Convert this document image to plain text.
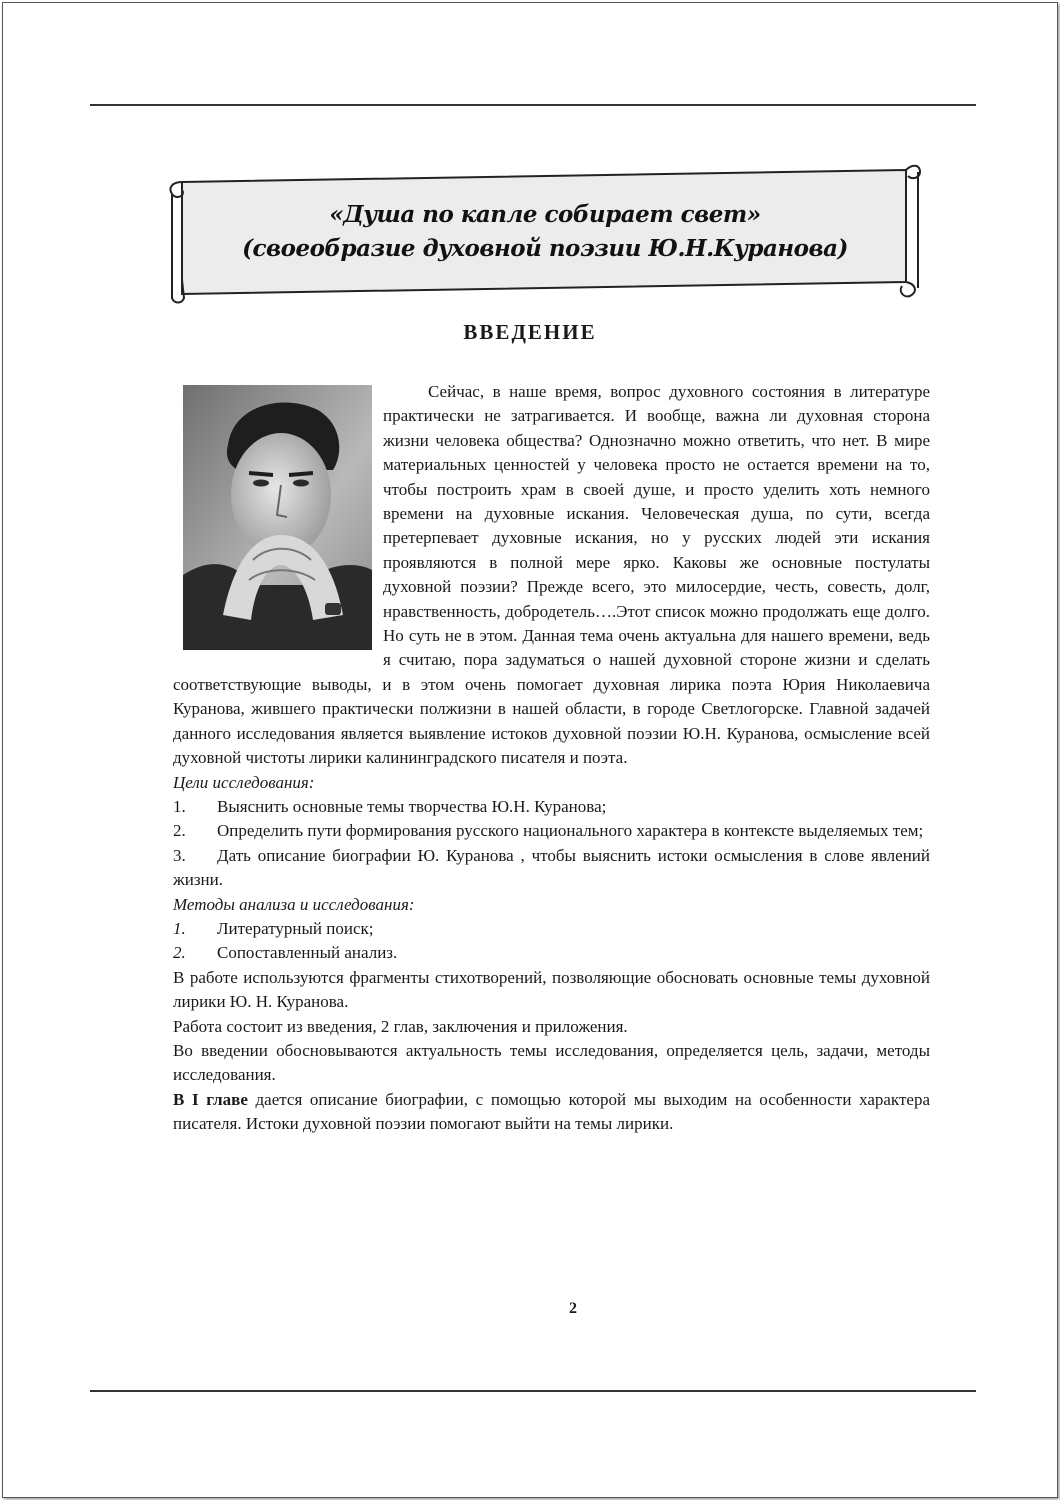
«Душа по капле собирает свет»
(своеобразие духовной поэзии Ю.Н.Куранова)
ВВЕДЕНИЕ

Сейчас, в наше время, вопрос духовного состояния в литературе практически не затрагивается. И вообще, важна ли духовная сторона жизни человека общества? Однозначно можно ответить, что нет. В мире материальных ценностей у человека просто не остается времени на то, чтобы построить храм в своей душе, и просто уделить хоть немного времени на духовные искания. Человеческая душа, по сути, всегда претерпевает духовные искания, но у русских людей эти искания проявляются в полной мере ярко. Каковы же основные постулаты духовной поэзии? Прежде всего, это милосердие, честь, совесть, долг, нравственность, добродетель….Этот список можно продолжать еще долго. Но суть не в этом. Данная тема очень актуальна для нашего времени, ведь я считаю, пора задуматься о нашей духовной стороне жизни и сделать соответствующие выводы, и в этом очень помогает духовная лирика поэта Юрия Николаевича Куранова, жившего практически полжизни в нашей области, в городе Светлогорске. Главной задачей данного исследования является выявление истоков духовной поэзии Ю.Н. Куранова, осмысление всей духовной чистоты лирики калининградского писателя и поэта.

Цели исследования:

1. Выяснить основные темы творчества Ю.Н. Куранова;

2. Определить пути формирования русского национального характера в контексте выделяемых тем;

3. Дать описание биографии Ю. Куранова , чтобы выяснить истоки осмысления в слове явлений жизни.

Методы анализа и исследования:

1. Литературный поиск;

2. Сопоставленный анализ.

В работе используются фрагменты стихотворений, позволяющие обосновать основные темы духовной лирики Ю. Н. Куранова.

Работа состоит из введения, 2 глав, заключения и приложения.

Во введении обосновываются актуальность темы исследования, определяется цель, задачи, методы исследования.

В I главе дается описание биографии, с помощью которой мы выходим на особенности характера писателя. Истоки духовной поэзии помогают выйти на темы лирики.

2
